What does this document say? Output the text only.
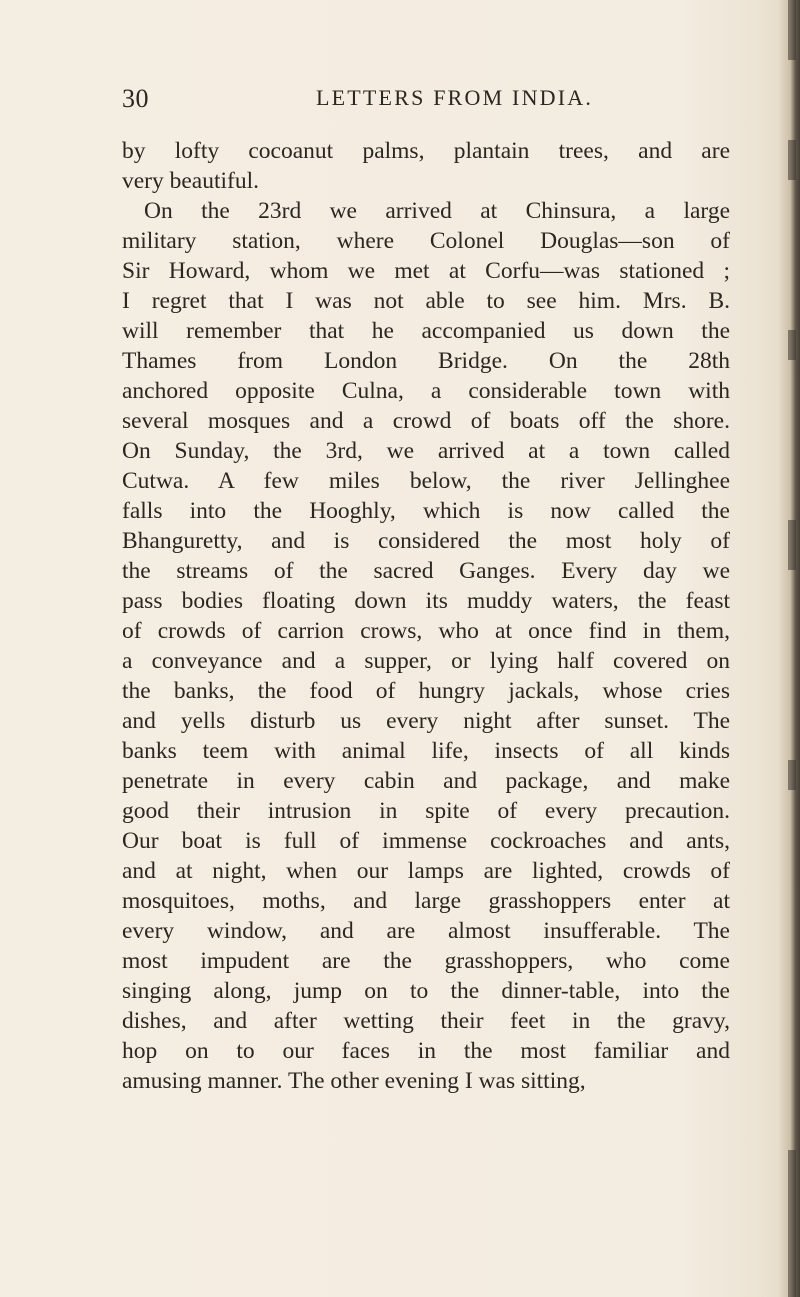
30	LETTERS FROM INDIA.
by lofty cocoanut palms, plantain trees, and are
very beautiful.
On the 23rd we arrived at Chinsura, a large
military station, where Colonel Douglas—son of
Sir Howard, whom we met at Corfu—was stationed ;
I regret that I was not able to see him. Mrs. B.
will remember that he accompanied us down the
Thames from London Bridge. On the 28th
anchored opposite Culna, a considerable town with
several mosques and a crowd of boats off the shore.
On Sunday, the 3rd, we arrived at a town called
Cutwa. A few miles below, the river Jellinghee
falls into the Hooghly, which is now called the
Bhanguretty, and is considered the most holy of
the streams of the sacred Ganges. Every day we
pass bodies floating down its muddy waters, the feast
of crowds of carrion crows, who at once find in them,
a conveyance and a supper, or lying half covered on
the banks, the food of hungry jackals, whose cries
and yells disturb us every night after sunset. The
banks teem with animal life, insects of all kinds
penetrate in every cabin and package, and make
good their intrusion in spite of every precaution.
Our boat is full of immense cockroaches and ants,
and at night, when our lamps are lighted, crowds of
mosquitoes, moths, and large grasshoppers enter at
every window, and are almost insufferable. The
most impudent are the grasshoppers, who come
singing along, jump on to the dinner-table, into the
dishes, and after wetting their feet in the gravy,
hop on to our faces in the most familiar and
amusing manner. The other evening I was sitting,
